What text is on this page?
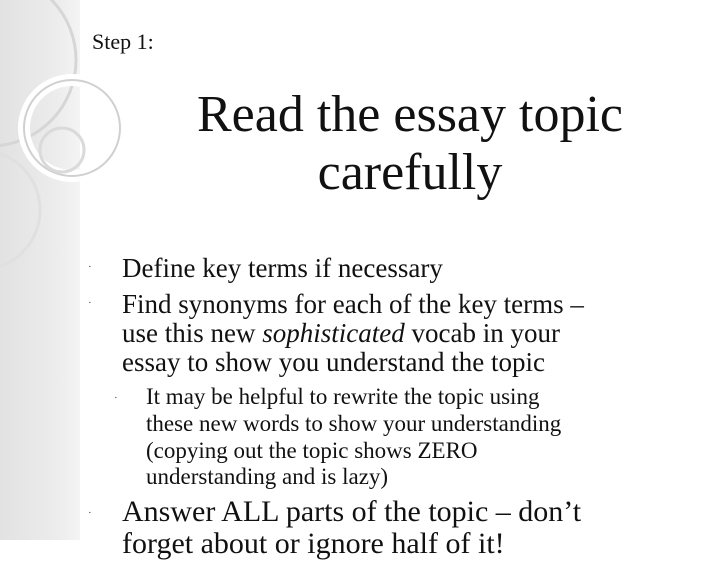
Step 1:
Read the essay topic
carefully
· Define key terms if necessary
· Find synonyms for each of the key terms –
use this new sophisticated vocab in your
essay to show you understand the topic
· It may be helpful to rewrite the topic using
these new words to show your understanding
(copying out the topic shows ZERO
understanding and is lazy)
· Answer ALL parts of the topic – don’t
forget about or ignore half of it!
